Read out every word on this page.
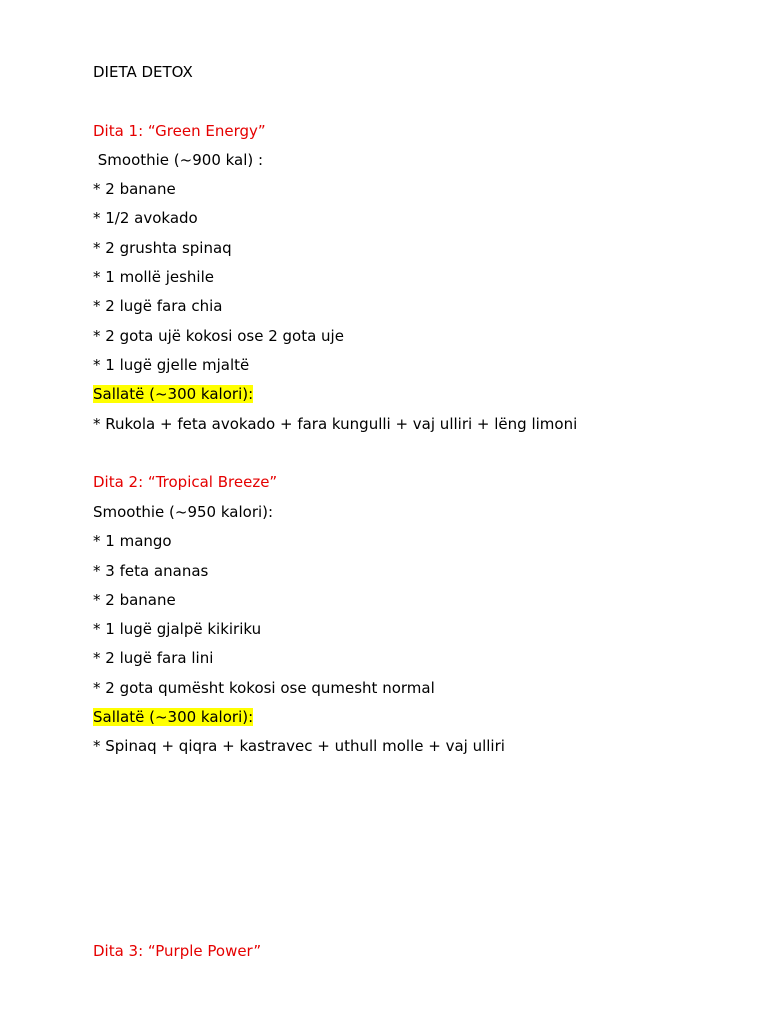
DIETA DETOX
Dita 1: “Green Energy”
Smoothie (~900 kal) :
* 2 banane
* 1/2 avokado
* 2 grushta spinaq
* 1 mollë jeshile
* 2 lugë fara chia
* 2 gota ujë kokosi ose 2 gota uje
* 1 lugë gjelle mjaltë
Sallatë (~300 kalori):
* Rukola + feta avokado + fara kungulli + vaj ulliri + lëng limoni
Dita 2: “Tropical Breeze”
Smoothie (~950 kalori):
* 1 mango
* 3 feta ananas
* 2 banane
* 1 lugë gjalpë kikiriku
* 2 lugë fara lini
* 2 gota qumësht kokosi ose qumesht normal
Sallatë (~300 kalori):
* Spinaq + qiqra + kastravec + uthull molle + vaj ulliri
Dita 3: “Purple Power”
